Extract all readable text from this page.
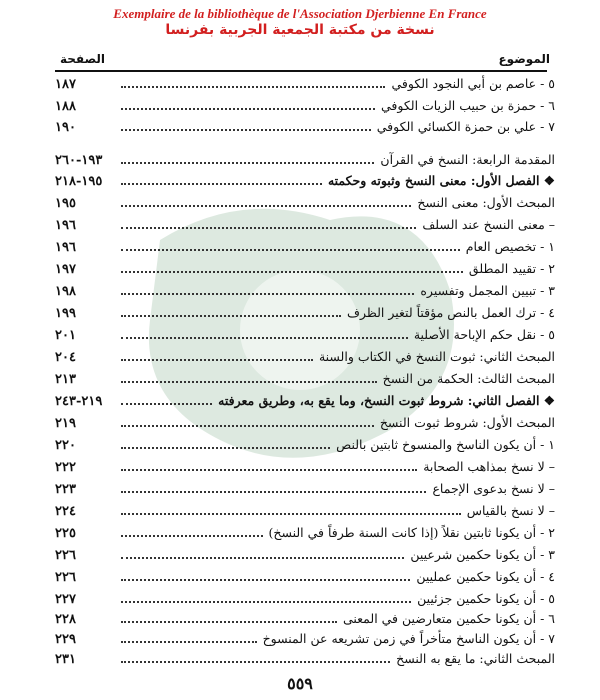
Exemplaire de la bibliothèque de l'Association Djerbienne En France
نسخة من مكتبة الجمعية الجربية بفرنسا
الموضوع
الصفحة
٥ - عاصم بن أبي النجود الكوفي
١٨٧
٦ - حمزة بن حبيب الزيات الكوفي
١٨٨
٧ - علي بن حمزة الكسائي الكوفي
١٩٠
المقدمة الرابعة: النسخ في القرآن
١٩٣-٢٦٠
❖ الفصل الأول: معنى النسخ وثبوته وحكمته
١٩٥-٢١٨
المبحث الأول: معنى النسخ
١٩٥
– معنى النسخ عند السلف
١٩٦
١ - تخصيص العام
١٩٦
٢ - تقييد المطلق
١٩٧
٣ - تبيين المجمل وتفسيره
١٩٨
٤ - ترك العمل بالنص مؤقتاً لتغير الظرف
١٩٩
٥ - نقل حكم الإباحة الأصلية
٢٠١
المبحث الثاني: ثبوت النسخ في الكتاب والسنة
٢٠٤
المبحث الثالث: الحكمة من النسخ
٢١٣
❖ الفصل الثاني: شروط ثبوت النسخ، وما يقع به، وطريق معرفته
٢١٩-٢٤٣
المبحث الأول: شروط ثبوت النسخ
٢١٩
١ - أن يكون الناسخ والمنسوخ ثابتين بالنص
٢٢٠
– لا نسخ بمذاهب الصحابة
٢٢٢
– لا نسخ بدعوى الإجماع
٢٢٣
– لا نسخ بالقياس
٢٢٤
٢ - أن يكونا ثابتين نقلاً (إذا كانت السنة طرفاً في النسخ)
٢٢٥
٣ - أن يكونا حكمين شرعيين
٢٢٦
٤ - أن يكونا حكمين عمليين
٢٢٦
٥ - أن يكونا حكمين جزئيين
٢٢٧
٦ - أن يكونا حكمين متعارضين في المعنى
٢٢٨
٧ - أن يكون الناسخ متأخراً في زمن تشريعه عن المنسوخ
٢٢٩
المبحث الثاني: ما يقع به النسخ
٢٣١
٥٥٩
